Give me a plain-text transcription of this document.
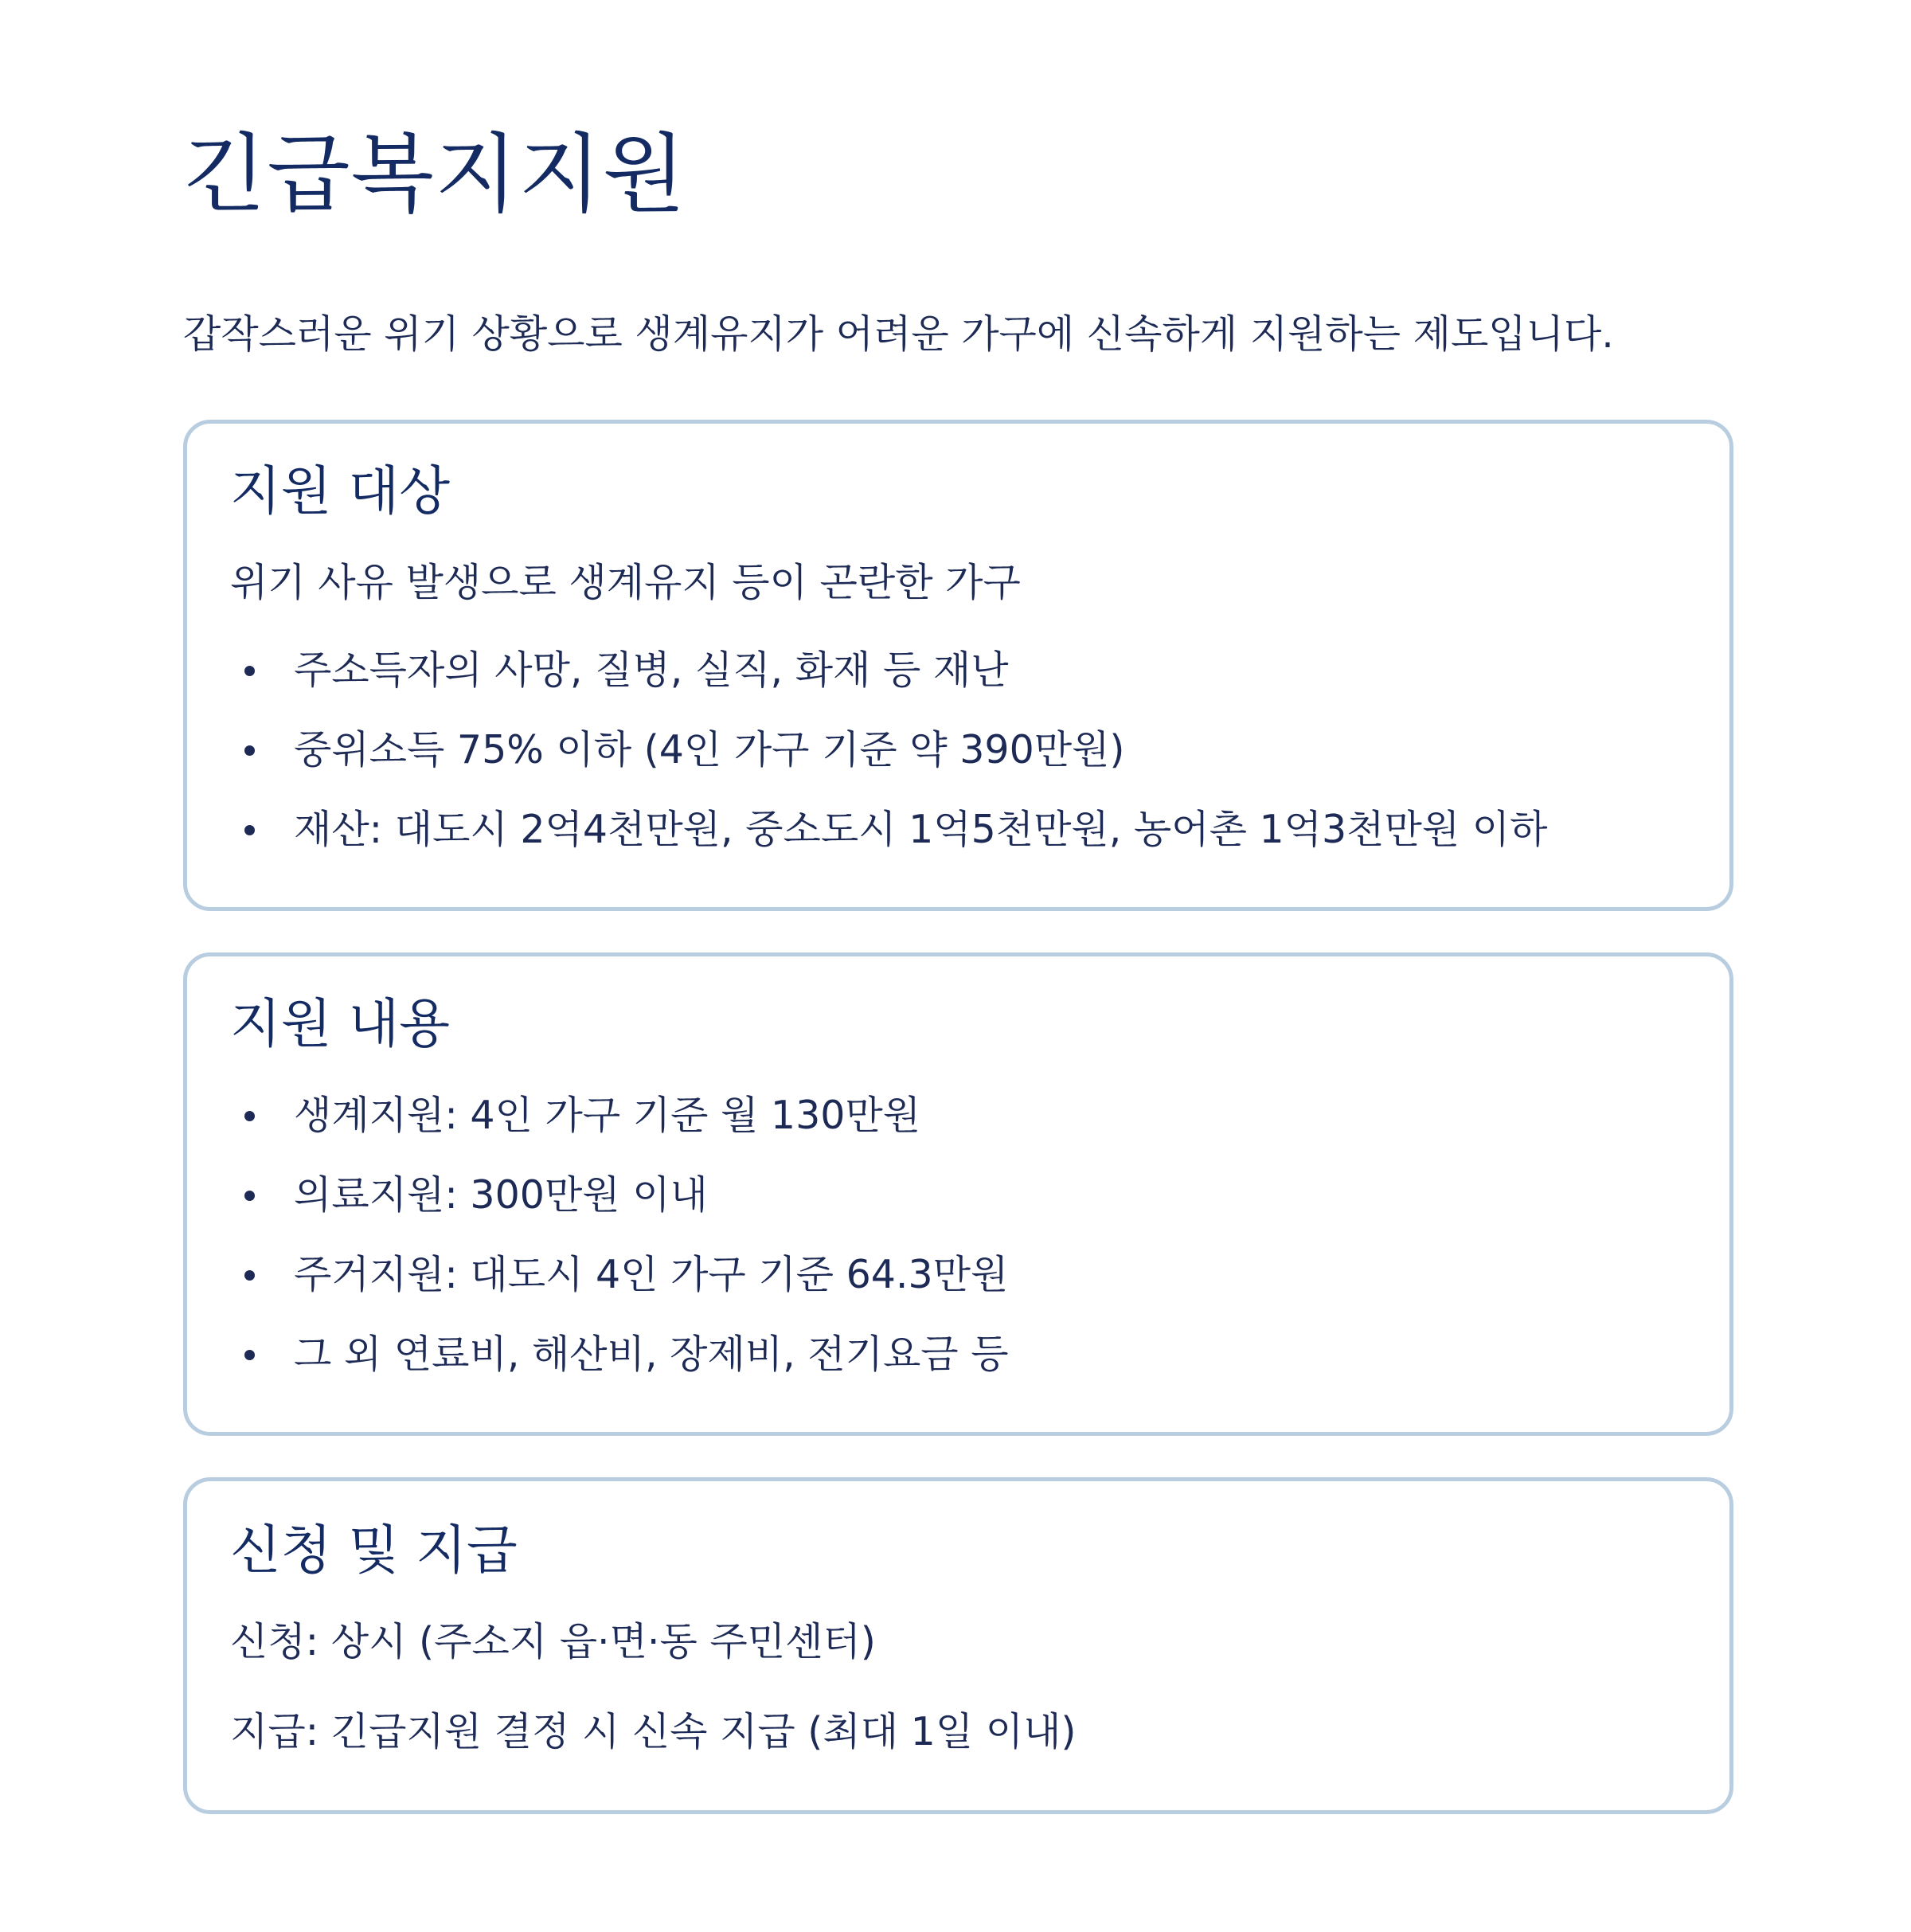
긴급복지지원

갑작스러운 위기 상황으로 생계유지가 어려운 가구에 신속하게 지원하는 제도입니다.

지원 대상

위기 사유 발생으로 생계유지 등이 곤란한 가구

주소득자의 사망, 질병, 실직, 화재 등 재난
중위소득 75% 이하 (4인 가구 기준 약 390만원)
재산: 대도시 2억4천만원, 중소도시 1억5천만원, 농어촌 1억3천만원 이하
지원 내용
생계지원: 4인 가구 기준 월 130만원
의료지원: 300만원 이내
주거지원: 대도시 4인 가구 기준 64.3만원
그 외 연료비, 해산비, 장제비, 전기요금 등
신청 및 지급

신청: 상시 (주소지 읍·면·동 주민센터)

지급: 긴급지원 결정 시 신속 지급 (최대 1일 이내)
